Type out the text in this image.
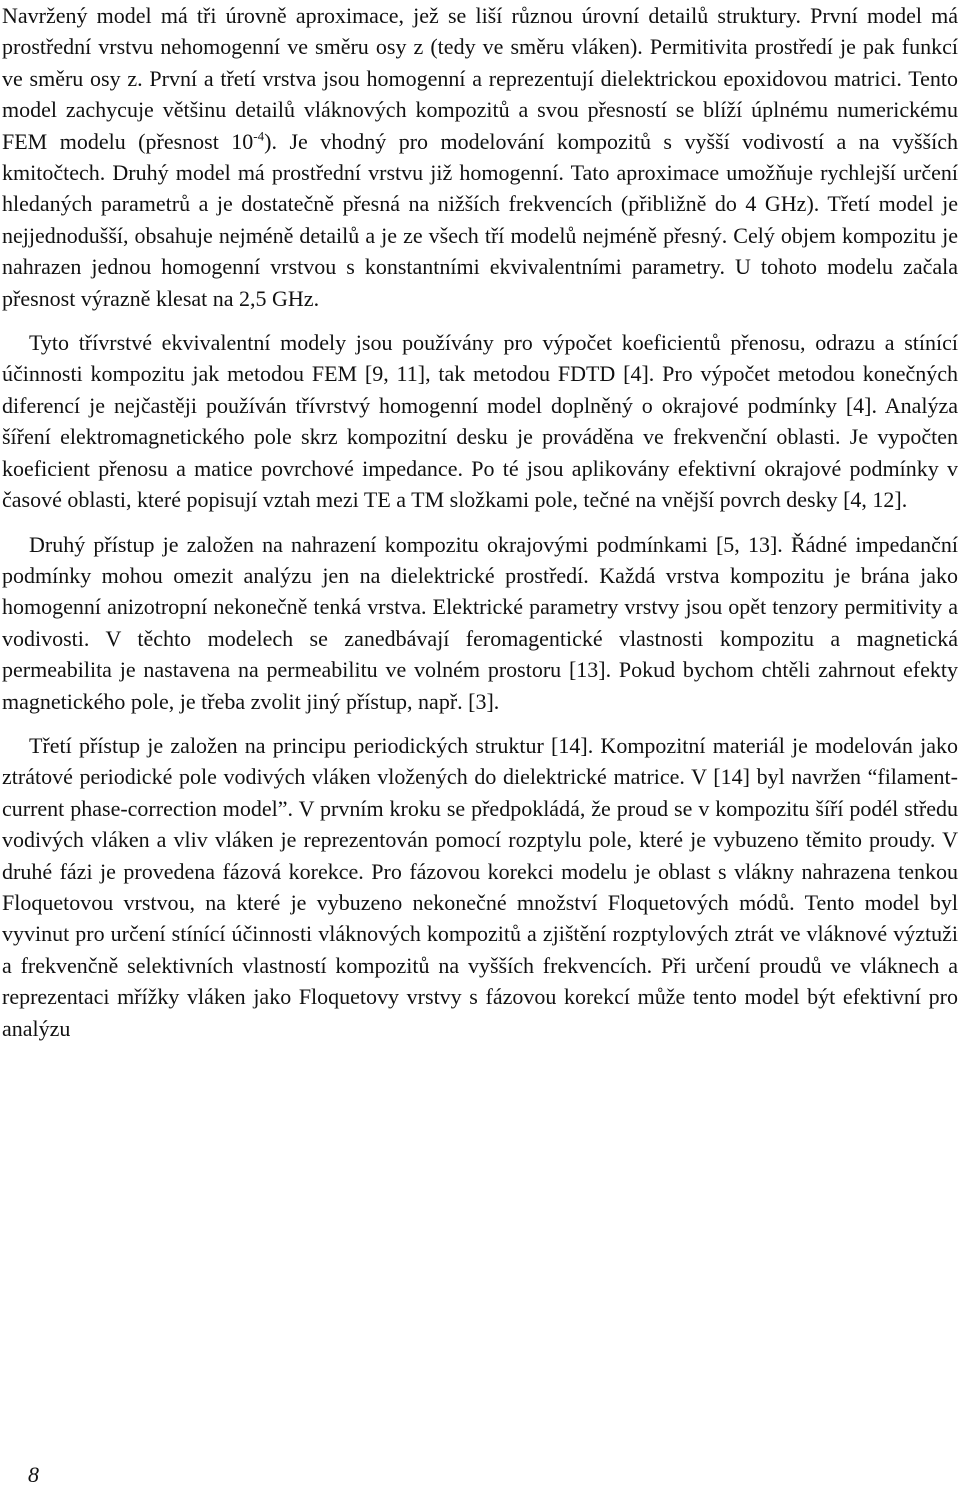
Navržený model má tři úrovně aproximace, jež se liší různou úrovní detailů struktury. První model má prostřední vrstvu nehomogenní ve směru osy z (tedy ve směru vláken). Permitivita prostředí je pak funkcí ve směru osy z. První a třetí vrstva jsou homogenní a reprezentují dielektrickou epoxidovou matrici. Tento model zachycuje většinu detailů vláknových kompozitů a svou přesností se blíží úplnému numerickému FEM modelu (přesnost $10^{-4}$). Je vhodný pro modelování kompozitů s vyšší vodivostí a na vyšších kmitočtech. Druhý model má prostřední vrstvu již homogenní. Tato aproximace umožňuje rychlejší určení hledaných parametrů a je dostatečně přesná na nižších frekvencích (přibližně do 4 GHz). Třetí model je nejjednodušší, obsahuje nejméně detailů a je ze všech tří modelů nejméně přesný. Celý objem kompozitu je nahrazen jednou homogenní vrstvou s konstantními ekvivalentními parametry. U tohoto modelu začala přesnost výrazně klesat na 2,5 GHz.

Tyto třívrstvé ekvivalentní modely jsou používány pro výpočet koeficientů přenosu, odrazu a stínící účinnosti kompozitu jak metodou FEM [9, 11], tak metodou FDTD [4]. Pro výpočet metodou konečných diferencí je nejčastěji používán třívrstvý homogenní model doplněný o okrajové podmínky [4]. Analýza šíření elektromagnetického pole skrz kompozitní desku je prováděna ve frekvenční oblasti. Je vypočten koeficient přenosu a matice povrchové impedance. Po té jsou aplikovány efektivní okrajové podmínky v časové oblasti, které popisují vztah mezi TE a TM složkami pole, tečné na vnější povrch desky [4, 12].

Druhý přístup je založen na nahrazení kompozitu okrajovými podmínkami [5, 13]. Řádné impedanční podmínky mohou omezit analýzu jen na dielektrické prostředí. Každá vrstva kompozitu je brána jako homogenní anizotropní nekonečně tenká vrstva. Elektrické parametry vrstvy jsou opět tenzory permitivity a vodivosti. V těchto modelech se zanedbávají feromagentické vlastnosti kompozitu a magnetická permeabilita je nastavena na permeabilitu ve volném prostoru [13]. Pokud bychom chtěli zahrnout efekty magnetického pole, je třeba zvolit jiný přístup, např. [3].

Třetí přístup je založen na principu periodických struktur [14]. Kompozitní materiál je modelován jako ztrátové periodické pole vodivých vláken vložených do dielektrické matrice. V [14] byl navržen “filament-current phase-correction model”. V prvním kroku se předpokládá, že proud se v kompozitu šíří podél středu vodivých vláken a vliv vláken je reprezentován pomocí rozptylu pole, které je vybuzeno těmito proudy. V druhé fázi je provedena fázová korekce. Pro fázovou korekci modelu je oblast s vlákny nahrazena tenkou Floquetovou vrstvou, na které je vybuzeno nekonečné množství Floquetových módů. Tento model byl vyvinut pro určení stínící účinnosti vláknových kompozitů a zjištění rozptylových ztrát ve vláknové výztuži a frekvenčně selektivních vlastností kompozitů na vyšších frekvencích. Při určení proudů ve vláknech a reprezentaci mřížky vláken jako Floquetovy vrstvy s fázovou korekcí může tento model být efektivní pro analýzu

8
